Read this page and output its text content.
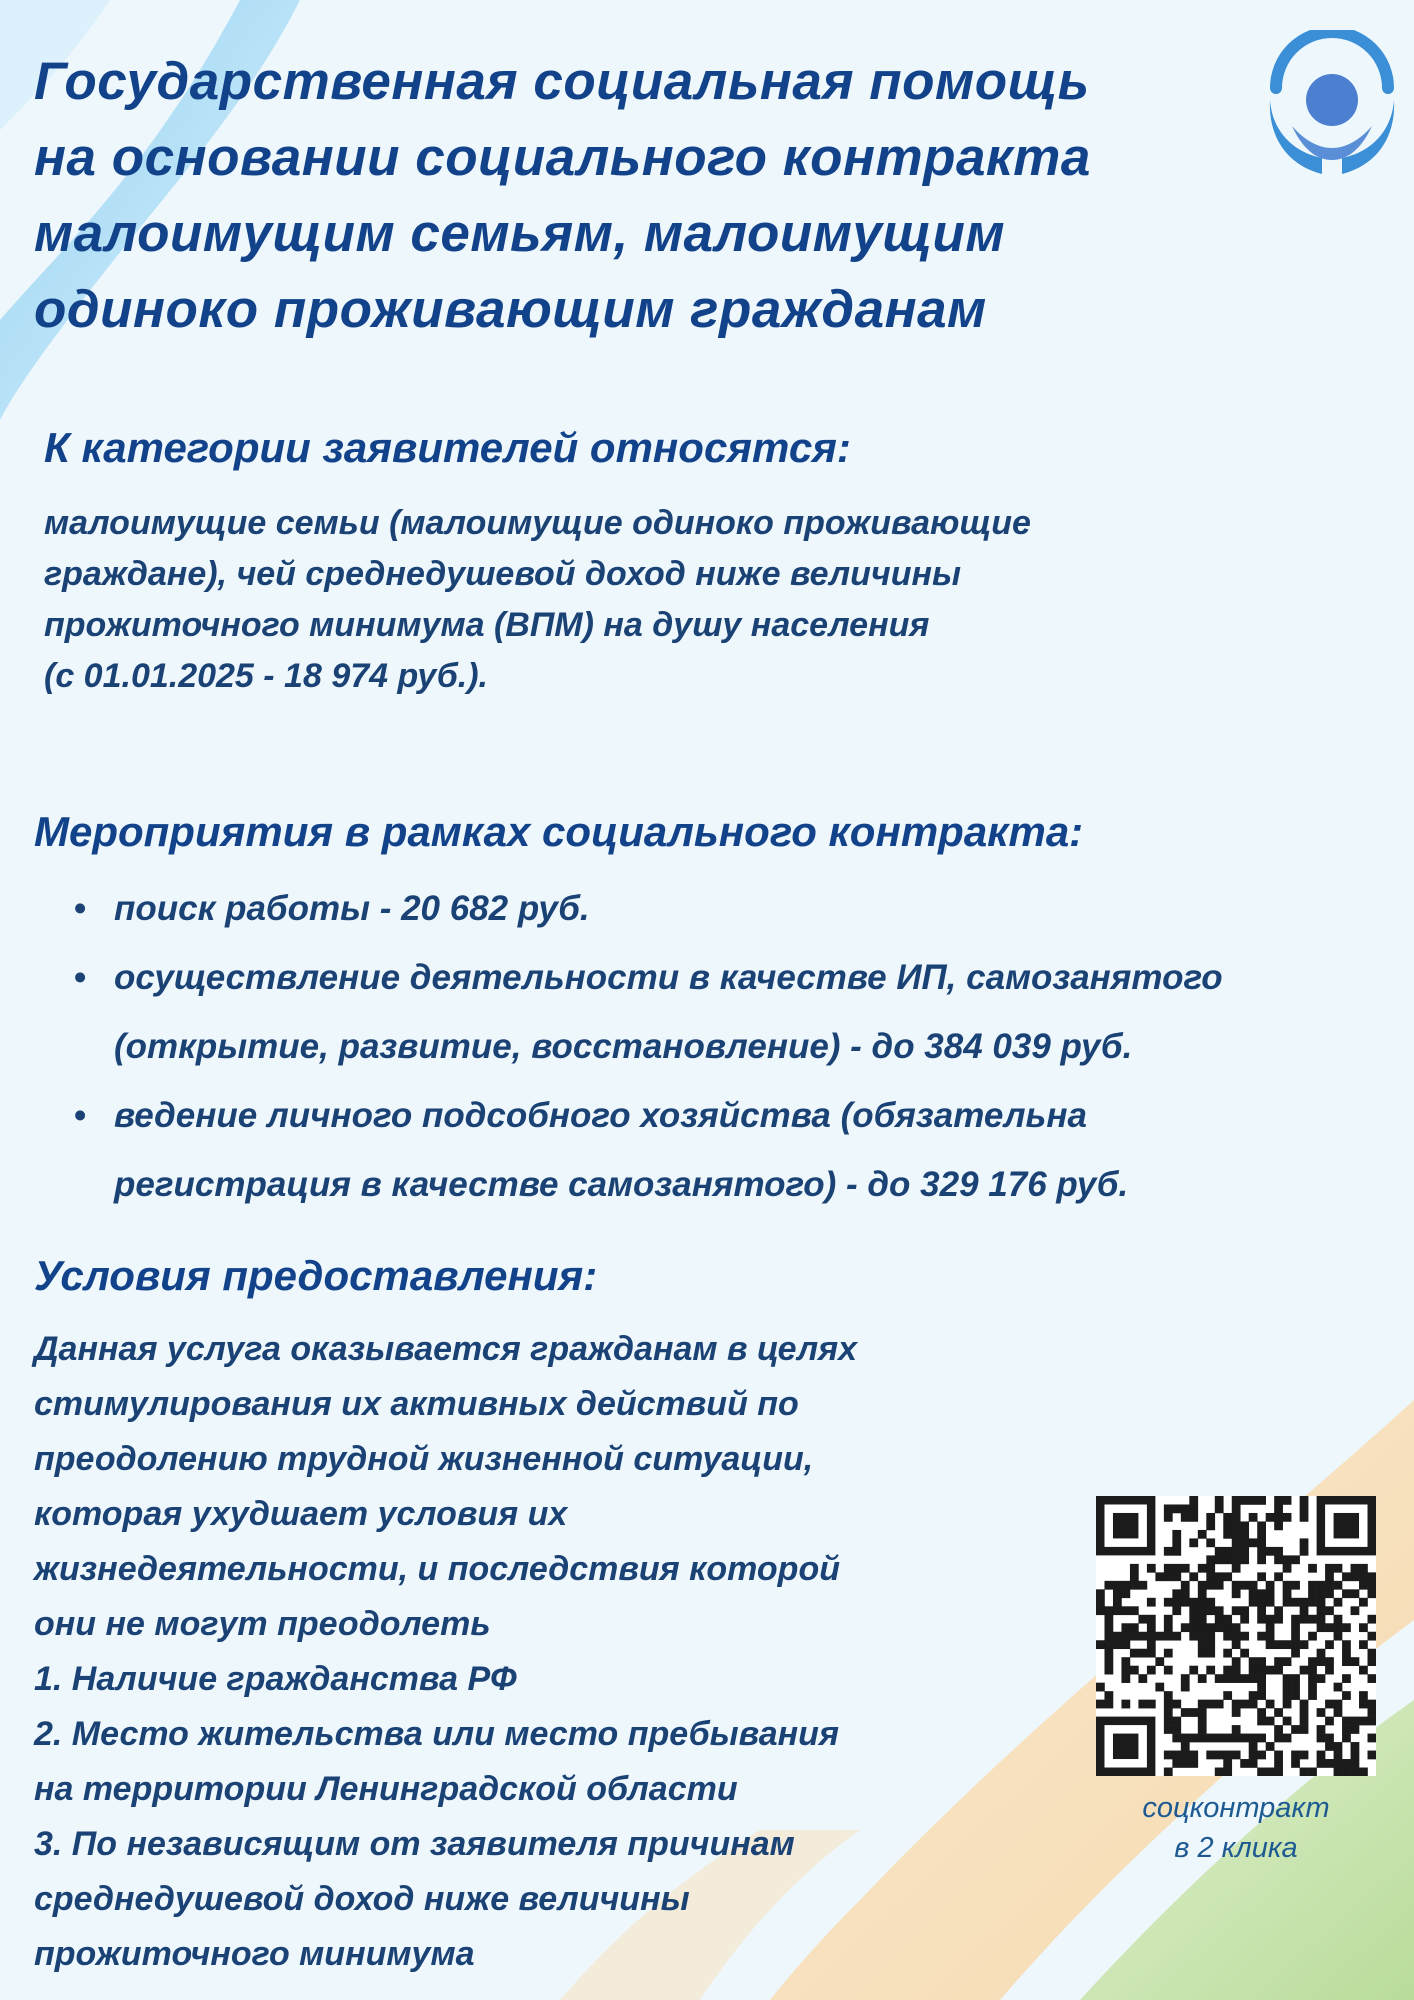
Государственная социальная помощь
на основании социального контракта
малоимущим семьям, малоимущим
одиноко проживающим гражданам
К категории заявителей относятся:
малоимущие семьи (малоимущие одиноко проживающие
граждане), чей среднедушевой доход ниже величины
прожиточного минимума (ВПМ) на душу населения
(с 01.01.2025 - 18 974 руб.).
Мероприятия в рамках социального контракта:
• поиск работы - 20 682 руб.
• осуществление деятельности в качестве ИП, самозанятого
(открытие, развитие, восстановление) - до 384 039 руб.
• ведение личного подсобного хозяйства (обязательна
регистрация в качестве самозанятого) - до 329 176 руб.
Условия предоставления:
Данная услуга оказывается гражданам в целях
стимулирования их активных действий по
преодолению трудной жизненной ситуации,
которая ухудшает условия их
жизнедеятельности, и последствия которой
они не могут преодолеть
1. Наличие гражданства РФ
2. Место жительства или место пребывания
на территории Ленинградской области
3. По независящим от заявителя причинам
среднедушевой доход ниже величины
прожиточного минимума
соцконтракт
в 2 клика
